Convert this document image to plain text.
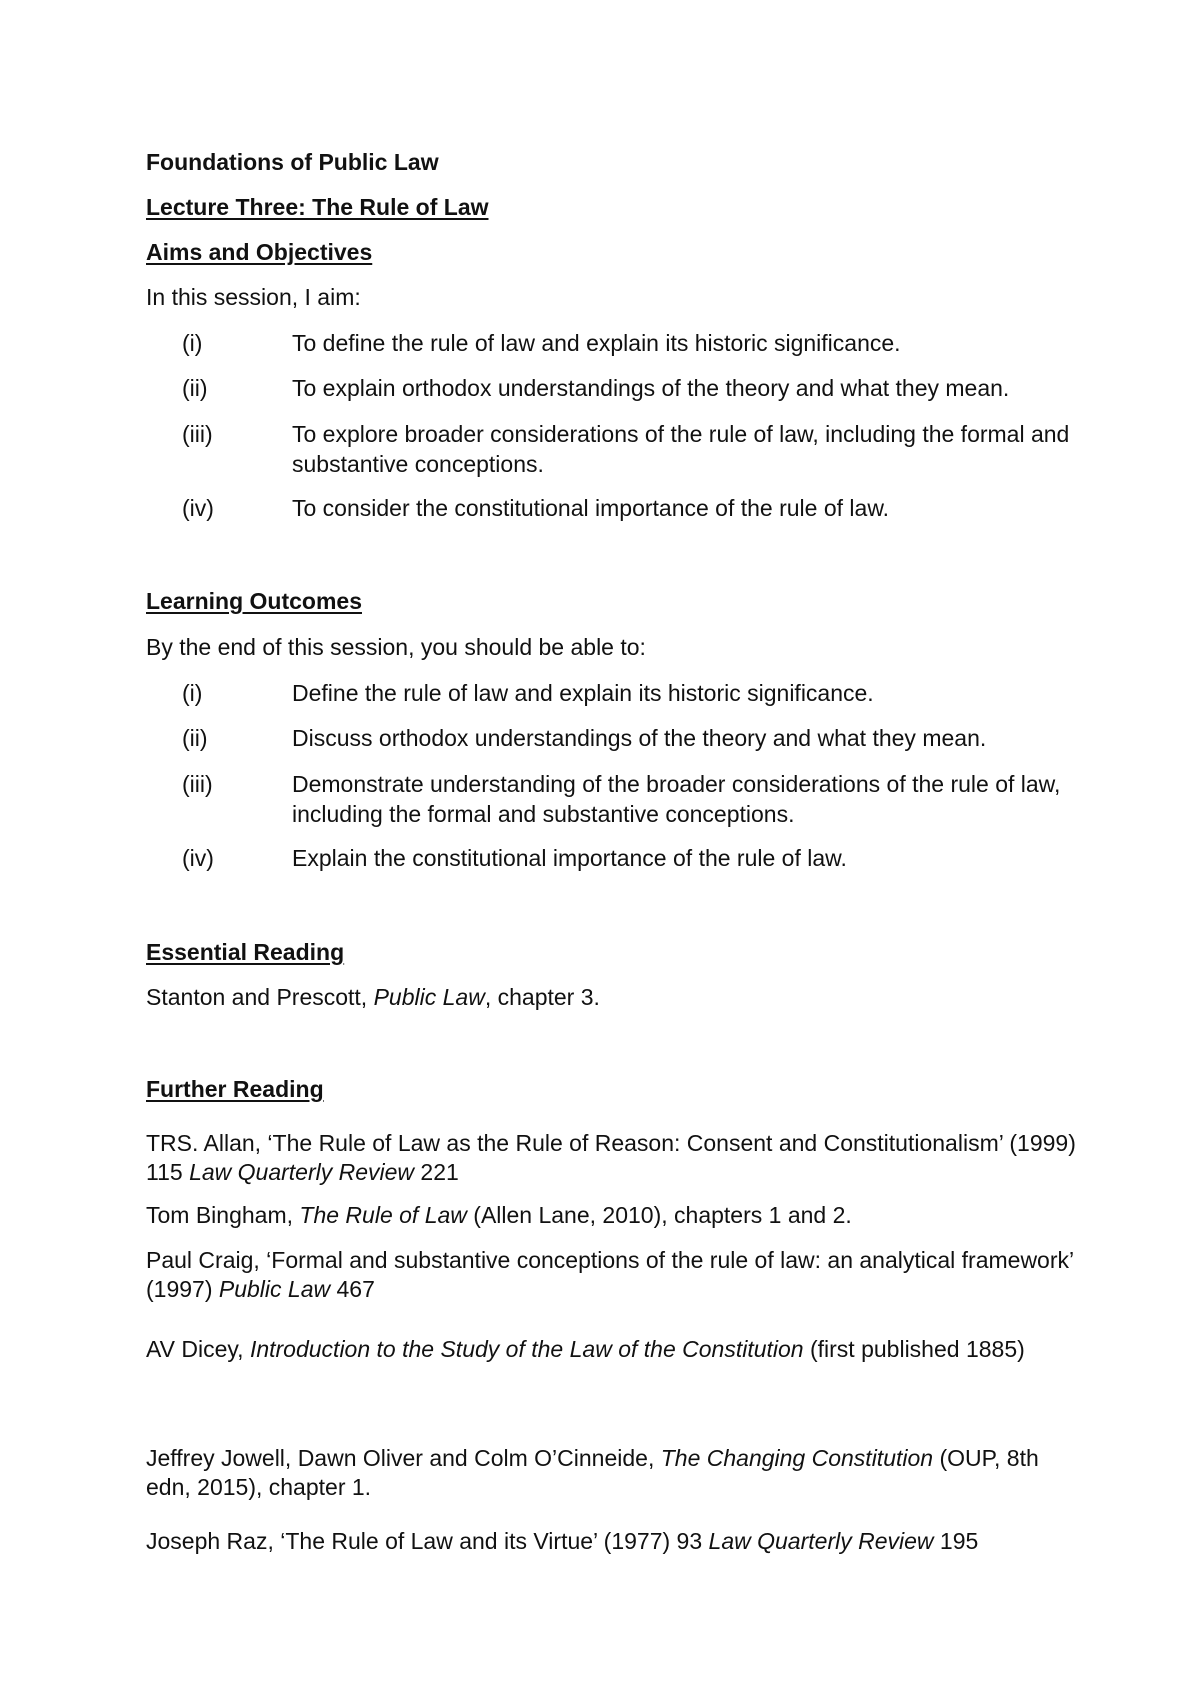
Foundations of Public Law
Lecture Three: The Rule of Law
Aims and Objectives
In this session, I aim:
(i)	To define the rule of law and explain its historic significance.
(ii)	To explain orthodox understandings of the theory and what they mean.
(iii)	To explore broader considerations of the rule of law, including the formal and substantive conceptions.
(iv)	To consider the constitutional importance of the rule of law.
Learning Outcomes
By the end of this session, you should be able to:
(i)	Define the rule of law and explain its historic significance.
(ii)	Discuss orthodox understandings of the theory and what they mean.
(iii)	Demonstrate understanding of the broader considerations of the rule of law, including the formal and substantive conceptions.
(iv)	Explain the constitutional importance of the rule of law.
Essential Reading
Stanton and Prescott, Public Law, chapter 3.
Further Reading
TRS. Allan, ‘The Rule of Law as the Rule of Reason: Consent and Constitutionalism’ (1999) 115 Law Quarterly Review 221
Tom Bingham, The Rule of Law (Allen Lane, 2010), chapters 1 and 2.
Paul Craig, ‘Formal and substantive conceptions of the rule of law: an analytical framework’ (1997) Public Law 467
AV Dicey, Introduction to the Study of the Law of the Constitution (first published 1885)
Jeffrey Jowell, Dawn Oliver and Colm O’Cinneide, The Changing Constitution (OUP, 8th edn, 2015), chapter 1.
Joseph Raz, ‘The Rule of Law and its Virtue’ (1977) 93 Law Quarterly Review 195
